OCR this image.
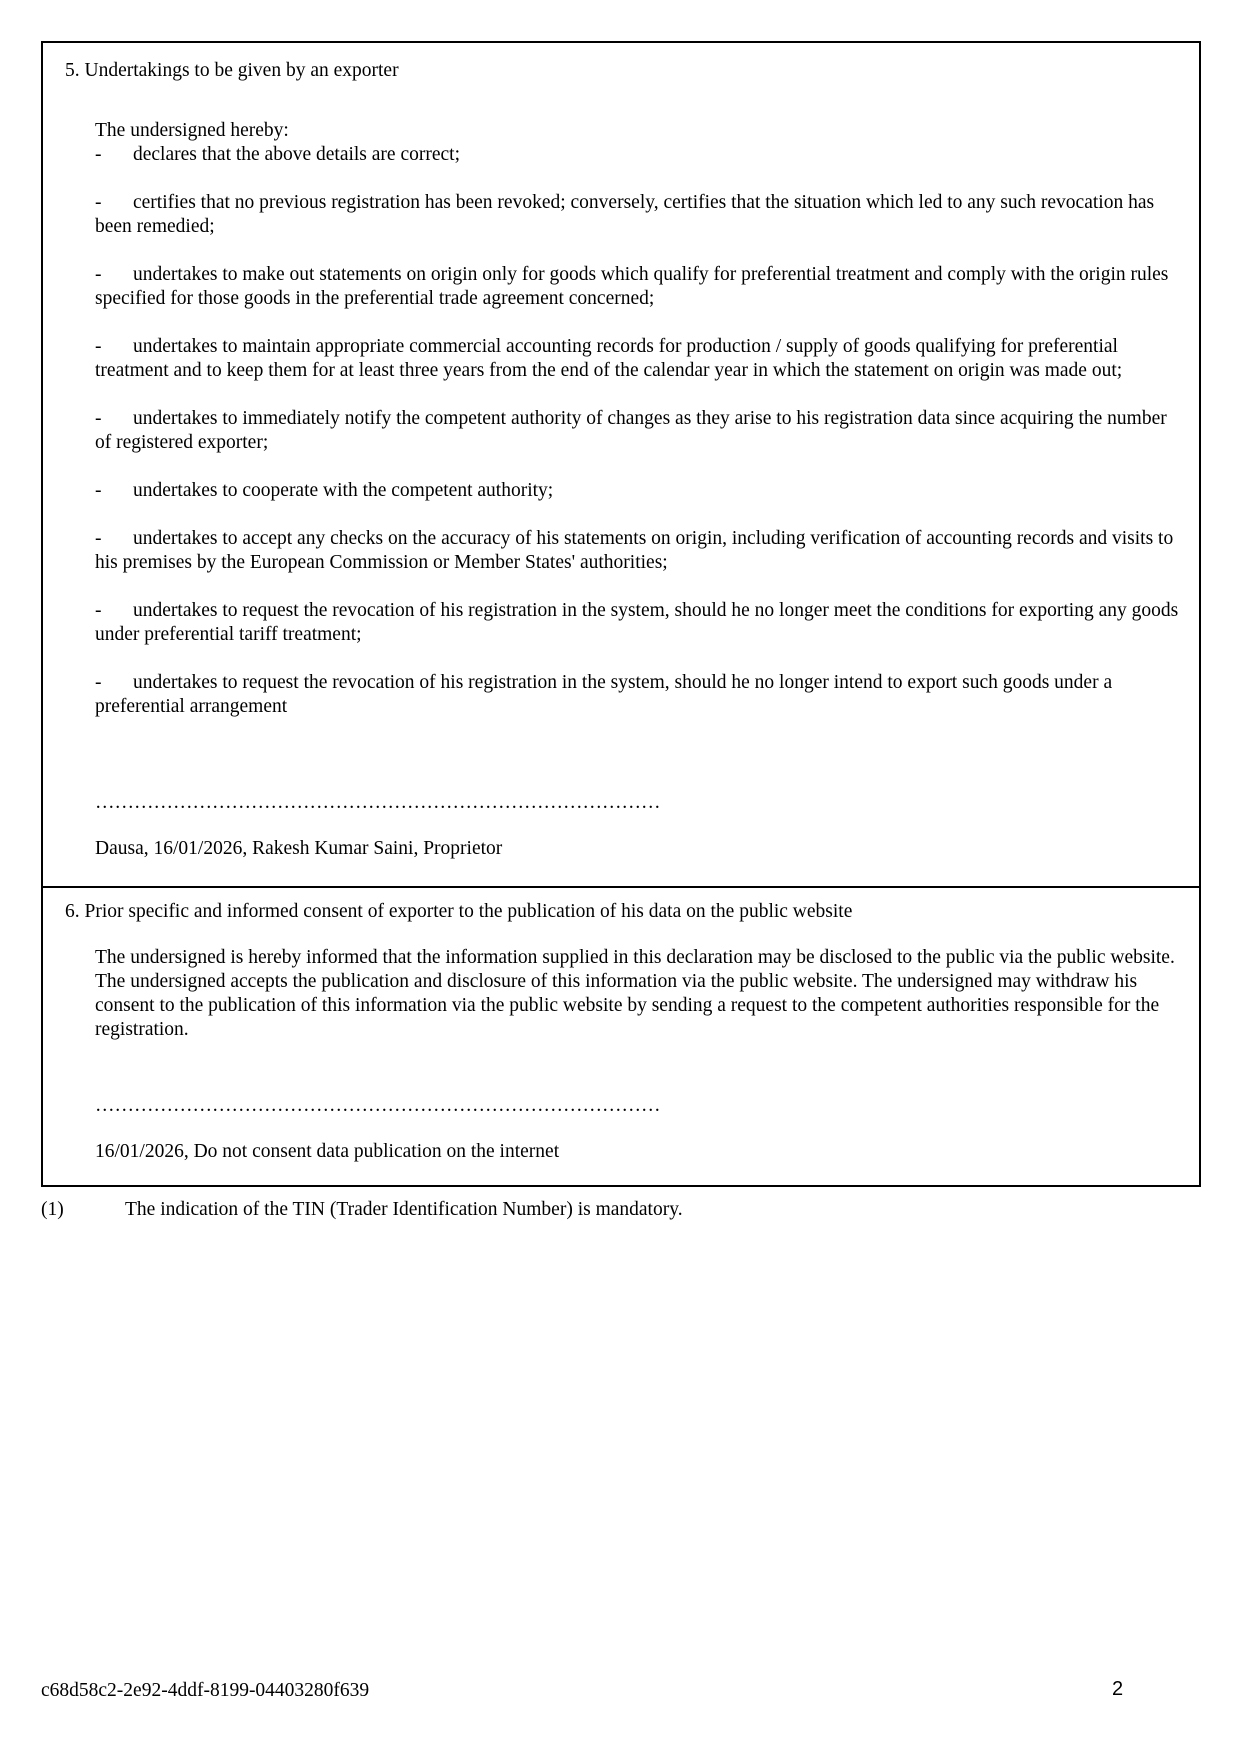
5. Undertakings to be given by an exporter

The undersigned hereby:

- declares that the above details are correct;

- certifies that no previous registration has been revoked; conversely, certifies that the situation which led to any such revocation has been remedied;

- undertakes to make out statements on origin only for goods which qualify for preferential treatment and comply with the origin rules specified for those goods in the preferential trade agreement concerned;

- undertakes to maintain appropriate commercial accounting records for production / supply of goods qualifying for preferential treatment and to keep them for at least three years from the end of the calendar year in which the statement on origin was made out;

- undertakes to immediately notify the competent authority of changes as they arise to his registration data since acquiring the number of registered exporter;

- undertakes to cooperate with the competent authority;

- undertakes to accept any checks on the accuracy of his statements on origin, including verification of accounting records and visits to his premises by the European Commission or Member States' authorities;

- undertakes to request the revocation of his registration in the system, should he no longer meet the conditions for exporting any goods under preferential tariff treatment;

- undertakes to request the revocation of his registration in the system, should he no longer intend to export such goods under a preferential arrangement

……………………………………………………………………………
Dausa, 16/01/2026, Rakesh Kumar Saini, Proprietor
6. Prior specific and informed consent of exporter to the publication of his data on the public website

The undersigned is hereby informed that the information supplied in this declaration may be disclosed to the public via the public website. The undersigned accepts the publication and disclosure of this information via the public website. The undersigned may withdraw his consent to the publication of this information via the public website by sending a request to the competent authorities responsible for the registration.

……………………………………………………………………………
16/01/2026, Do not consent data publication on the internet
(1)	The indication of the TIN (Trader Identification Number) is mandatory.
c68d58c2-2e92-4ddf-8199-04403280f639	2
